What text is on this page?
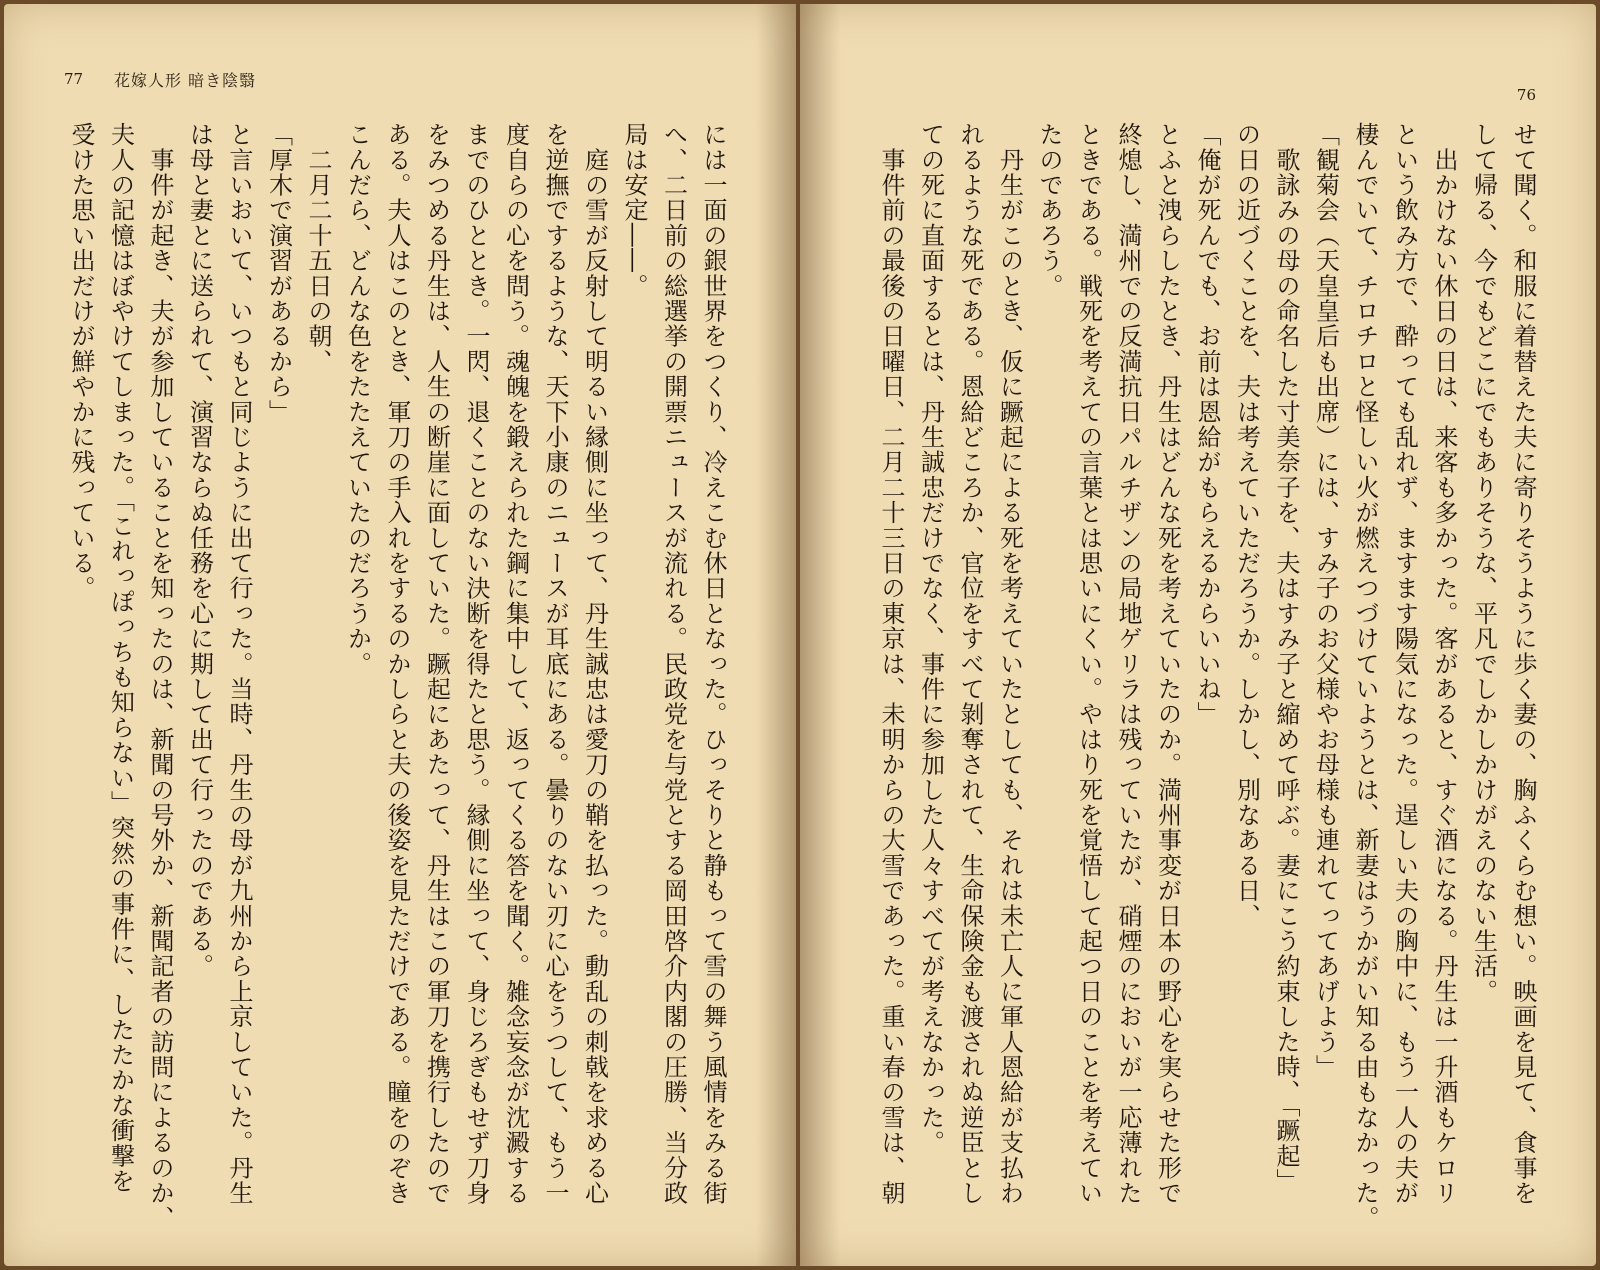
77 花嫁人形 暗き陰翳
には一面の銀世界をつくり、冷えこむ休日となった。ひっそりと静もって雪の舞う風情をみる街
へ、二日前の総選挙の開票ニュースが流れる。民政党を与党とする岡田啓介内閣の圧勝、当分政
局は安定――。
　庭の雪が反射して明るい縁側に坐って、丹生誠忠は愛刀の鞘を払った。動乱の刺戟を求める心
を逆撫でするような、天下小康のニュースが耳底にある。曇りのない刃に心をうつして、もう一
度自らの心を問う。魂魄を鍛えられた鋼に集中して、返ってくる答を聞く。雑念妄念が沈澱する
までのひととき。一閃、退くことのない決断を得たと思う。縁側に坐って、身じろぎもせず刀身
をみつめる丹生は、人生の断崖に面していた。蹶起にあたって、丹生はこの軍刀を携行したので
ある。夫人はこのとき、軍刀の手入れをするのかしらと夫の後姿を見ただけである。瞳をのぞき
こんだら、どんな色をたたえていたのだろうか。
　二月二十五日の朝、
「厚木で演習があるから」
と言いおいて、いつもと同じように出て行った。当時、丹生の母が九州から上京していた。丹生
は母と妻とに送られて、演習ならぬ任務を心に期して出て行ったのである。
　事件が起き、夫が参加していることを知ったのは、新聞の号外か、新聞記者の訪問によるのか、
夫人の記憶はぼやけてしまった。「これっぽっちも知らない」突然の事件に、したたかな衝撃を
受けた思い出だけが鮮やかに残っている。
76
せて聞く。和服に着替えた夫に寄りそうように歩く妻の、胸ふくらむ想い。映画を見て、食事を
して帰る、今でもどこにでもありそうな、平凡でしかしかけがえのない生活。
　出かけない休日の日は、来客も多かった。客があると、すぐ酒になる。丹生は一升酒もケロリ
という飲み方で、酔っても乱れず、ますます陽気になった。逞しい夫の胸中に、もう一人の夫が
棲んでいて、チロチロと怪しい火が燃えつづけていようとは、新妻はうかがい知る由もなかった。
「観菊会（天皇皇后も出席）には、すみ子のお父様やお母様も連れてってあげよう」
　歌詠みの母の命名した寸美奈子を、夫はすみ子と縮めて呼ぶ。妻にこう約束した時、「蹶起」
の日の近づくことを、夫は考えていただろうか。しかし、別なある日、
「俺が死んでも、お前は恩給がもらえるからいいね」
とふと洩らしたとき、丹生はどんな死を考えていたのか。満州事変が日本の野心を実らせた形で
終熄し、満州での反満抗日パルチザンの局地ゲリラは残っていたが、硝煙のにおいが一応薄れた
ときである。戦死を考えての言葉とは思いにくい。やはり死を覚悟して起つ日のことを考えてい
たのであろう。
　丹生がこのとき、仮に蹶起による死を考えていたとしても、それは未亡人に軍人恩給が支払わ
れるような死である。恩給どころか、官位をすべて剝奪されて、生命保険金も渡されぬ逆臣とし
ての死に直面するとは、丹生誠忠だけでなく、事件に参加した人々すべてが考えなかった。
　事件前の最後の日曜日、二月二十三日の東京は、未明からの大雪であった。重い春の雪は、朝
